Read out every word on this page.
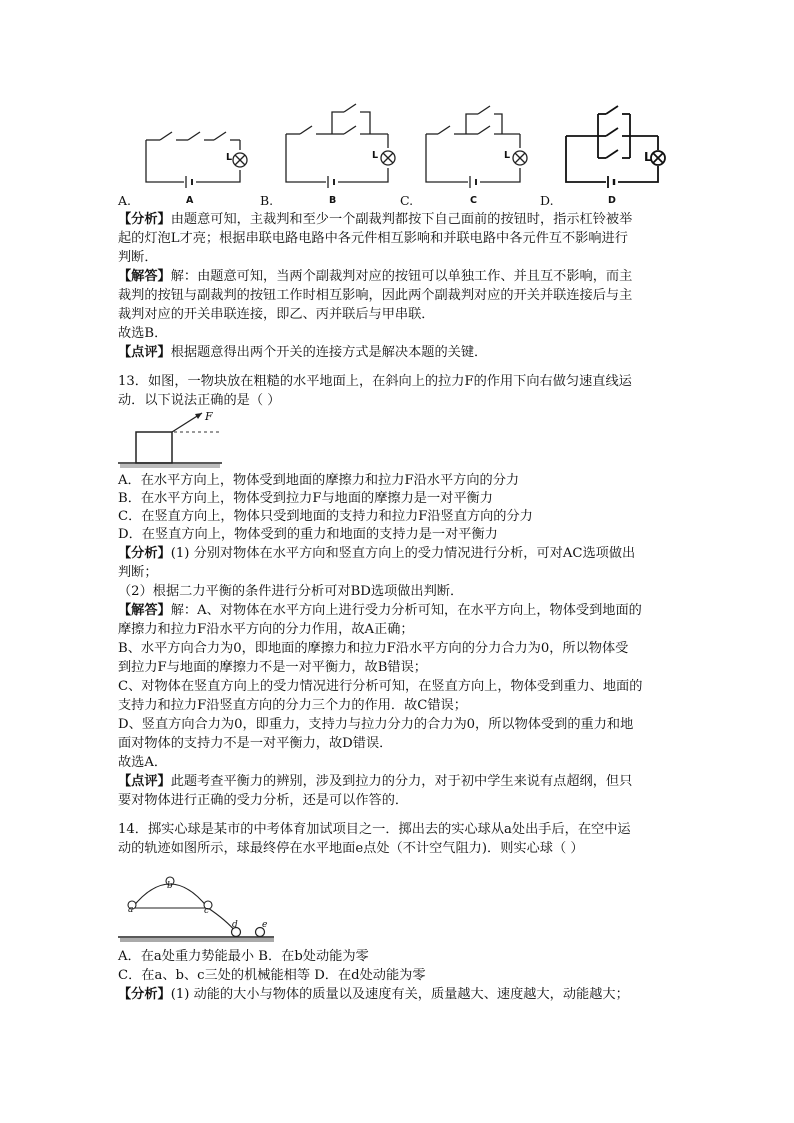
L	L	L	L
A.	A	B.	B	C.	C	D.	D
【分析】由题意可知，主裁判和至少一个副裁判都按下自己面前的按钮时，指示杠铃被举
起的灯泡L才亮；根据串联电路电路中各元件相互影响和并联电路中各元件互不影响进行
判断．
【解答】解：由题意可知，当两个副裁判对应的按钮可以单独工作、并且互不影响，而主
裁判的按钮与副裁判的按钮工作时相互影响，因此两个副裁判对应的开关并联连接后与主
裁判对应的开关串联连接，即乙、丙并联后与甲串联．
故选B．
【点评】根据题意得出两个开关的连接方式是解决本题的关键．
13．如图，一物块放在粗糙的水平地面上，在斜向上的拉力F的作用下向右做匀速直线运
动．以下说法正确的是（ ）
F
A．在水平方向上，物体受到地面的摩擦力和拉力F沿水平方向的分力
B．在水平方向上，物体受到拉力F与地面的摩擦力是一对平衡力
C．在竖直方向上，物体只受到地面的支持力和拉力F沿竖直方向的分力
D．在竖直方向上，物体受到的重力和地面的支持力是一对平衡力
【分析】(1) 分别对物体在水平方向和竖直方向上的受力情况进行分析，可对AC选项做出
判断；
（2）根据二力平衡的条件进行分析可对BD选项做出判断．
【解答】解：A、对物体在水平方向上进行受力分析可知，在水平方向上，物体受到地面的
摩擦力和拉力F沿水平方向的分力作用，故A正确；
B、水平方向合力为0，即地面的摩擦力和拉力F沿水平方向的分力合力为0，所以物体受
到拉力F与地面的摩擦力不是一对平衡力，故B错误；
C、对物体在竖直方向上的受力情况进行分析可知，在竖直方向上，物体受到重力、地面的
支持力和拉力F沿竖直方向的分力三个力的作用．故C错误；
D、竖直方向合力为0，即重力，支持力与拉力分力的合力为0，所以物体受到的重力和地
面对物体的支持力不是一对平衡力，故D错误．
故选A．
【点评】此题考查平衡力的辨别，涉及到拉力的分力，对于初中学生来说有点超纲，但只
要对物体进行正确的受力分析，还是可以作答的．
14．掷实心球是某市的中考体育加试项目之一．掷出去的实心球从a处出手后，在空中运
动的轨迹如图所示，球最终停在水平地面e点处（不计空气阻力)．则实心球（ ）
a
b
c
d	e
A．在a处重力势能最小 B．在b处动能为零
C．在a、b、c三处的机械能相等 D．在d处动能为零
【分析】(1) 动能的大小与物体的质量以及速度有关，质量越大、速度越大，动能越大；
